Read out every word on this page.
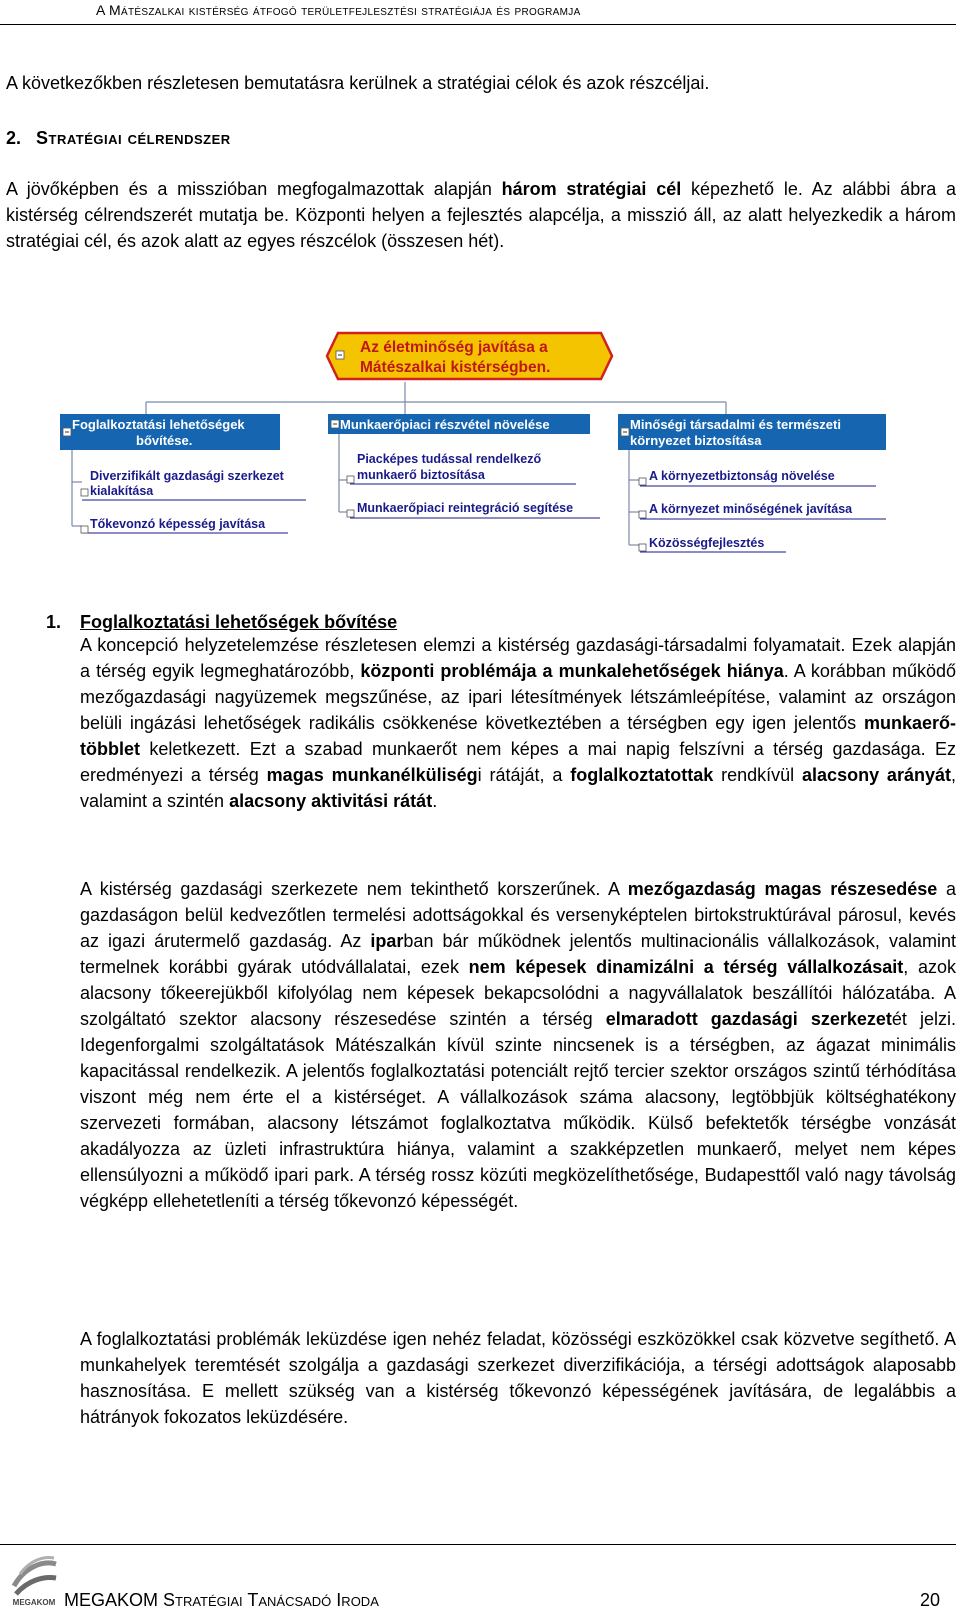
A Mátészalkai kistérség átfogó területfejlesztési stratégiája és programja
A következőkben részletesen bemutatásra kerülnek a stratégiai célok és azok részcéljai.
2. Stratégiai célrendszer
A jövőképben és a misszióban megfogalmazottak alapján három stratégiai cél képezhető le. Az alábbi ábra a kistérség célrendszerét mutatja be. Központi helyen a fejlesztés alapcélja, a misszió áll, az alatt helyezkedik a három stratégiai cél, és azok alatt az egyes részcélok (összesen hét).
Az életminőség javítása a
Mátészalkai kistérségben.
Foglalkoztatási lehetőségek
bővítése.
Diverzifikált gazdasági szerkezet
kialakítása
Tőkevonzó képesség javítása
Munkaerőpiaci részvétel növelése
Piacképes tudással rendelkező
munkaerő biztosítása
Munkaerőpiaci reintegráció segítése
Minőségi társadalmi és természeti
környezet biztosítása
A környezetbiztonság növelése
A környezet minőségének javítása
Közösségfejlesztés
1. Foglalkoztatási lehetőségek bővítése
A koncepció helyzetelemzése részletesen elemzi a kistérség gazdasági-társadalmi folyamatait. Ezek alapján a térség egyik legmeghatározóbb, központi problémája a munkalehetőségek hiánya. A korábban működő mezőgazdasági nagyüzemek megszűnése, az ipari létesítmények létszámleépítése, valamint az országon belüli ingázási lehetőségek radikális csökkenése következtében a térségben egy igen jelentős munkaerő-többlet keletkezett. Ezt a szabad munkaerőt nem képes a mai napig felszívni a térség gazdasága. Ez eredményezi a térség magas munkanélküliségi rátáját, a foglalkoztatottak rendkívül alacsony arányát, valamint a szintén alacsony aktivitási rátát.
A kistérség gazdasági szerkezete nem tekinthető korszerűnek. A mezőgazdaság magas részesedése a gazdaságon belül kedvezőtlen termelési adottságokkal és versenyképtelen birtokstruktúrával párosul, kevés az igazi árutermelő gazdaság. Az iparban bár működnek jelentős multinacionális vállalkozások, valamint termelnek korábbi gyárak utódvállalatai, ezek nem képesek dinamizálni a térség vállalkozásait, azok alacsony tőkeerejükből kifolyólag nem képesek bekapcsolódni a nagyvállalatok beszállítói hálózatába. A szolgáltató szektor alacsony részesedése szintén a térség elmaradott gazdasági szerkezetét jelzi. Idegenforgalmi szolgáltatások Mátészalkán kívül szinte nincsenek is a térségben, az ágazat minimális kapacitással rendelkezik. A jelentős foglalkoztatási potenciált rejtő tercier szektor országos szintű térhódítása viszont még nem érte el a kistérséget. A vállalkozások száma alacsony, legtöbbjük költséghatékony szervezeti formában, alacsony létszámot foglalkoztatva működik. Külső befektetők térségbe vonzását akadályozza az üzleti infrastruktúra hiánya, valamint a szakképzetlen munkaerő, melyet nem képes ellensúlyozni a működő ipari park. A térség rossz közúti megközelíthetősége, Budapesttől való nagy távolság végképp ellehetetleníti a térség tőkevonzó képességét.
A foglalkoztatási problémák leküzdése igen nehéz feladat, közösségi eszközökkel csak közvetve segíthető. A munkahelyek teremtését szolgálja a gazdasági szerkezet diverzifikációja, a térségi adottságok alaposabb hasznosítása. E mellett szükség van a kistérség tőkevonzó képességének javítására, de legalábbis a hátrányok fokozatos leküzdésére.
MEGAKOM MEGAKOM Stratégiai Tanácsadó Iroda	20
